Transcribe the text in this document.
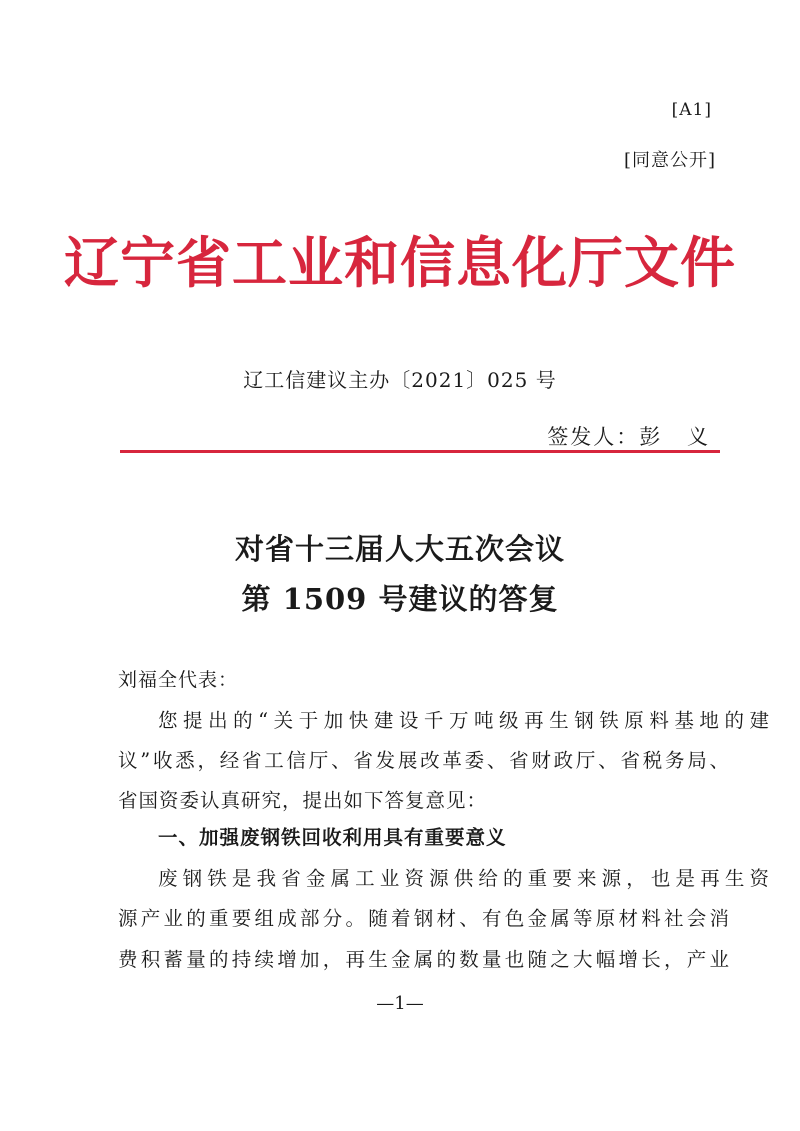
[A1]
[同意公开]
辽宁省工业和信息化厅文件
辽工信建议主办〔2021〕025 号
签发人：彭 义
对省十三届人大五次会议
第 1509 号建议的答复
刘福全代表：
您提出的“关于加快建设千万吨级再生钢铁原料基地的建
议”收悉，经省工信厅、省发展改革委、省财政厅、省税务局、
省国资委认真研究，提出如下答复意见：
一、加强废钢铁回收利用具有重要意义
废钢铁是我省金属工业资源供给的重要来源，也是再生资
源产业的重要组成部分。随着钢材、有色金属等原材料社会消
费积蓄量的持续增加，再生金属的数量也随之大幅增长，产业
—1—
